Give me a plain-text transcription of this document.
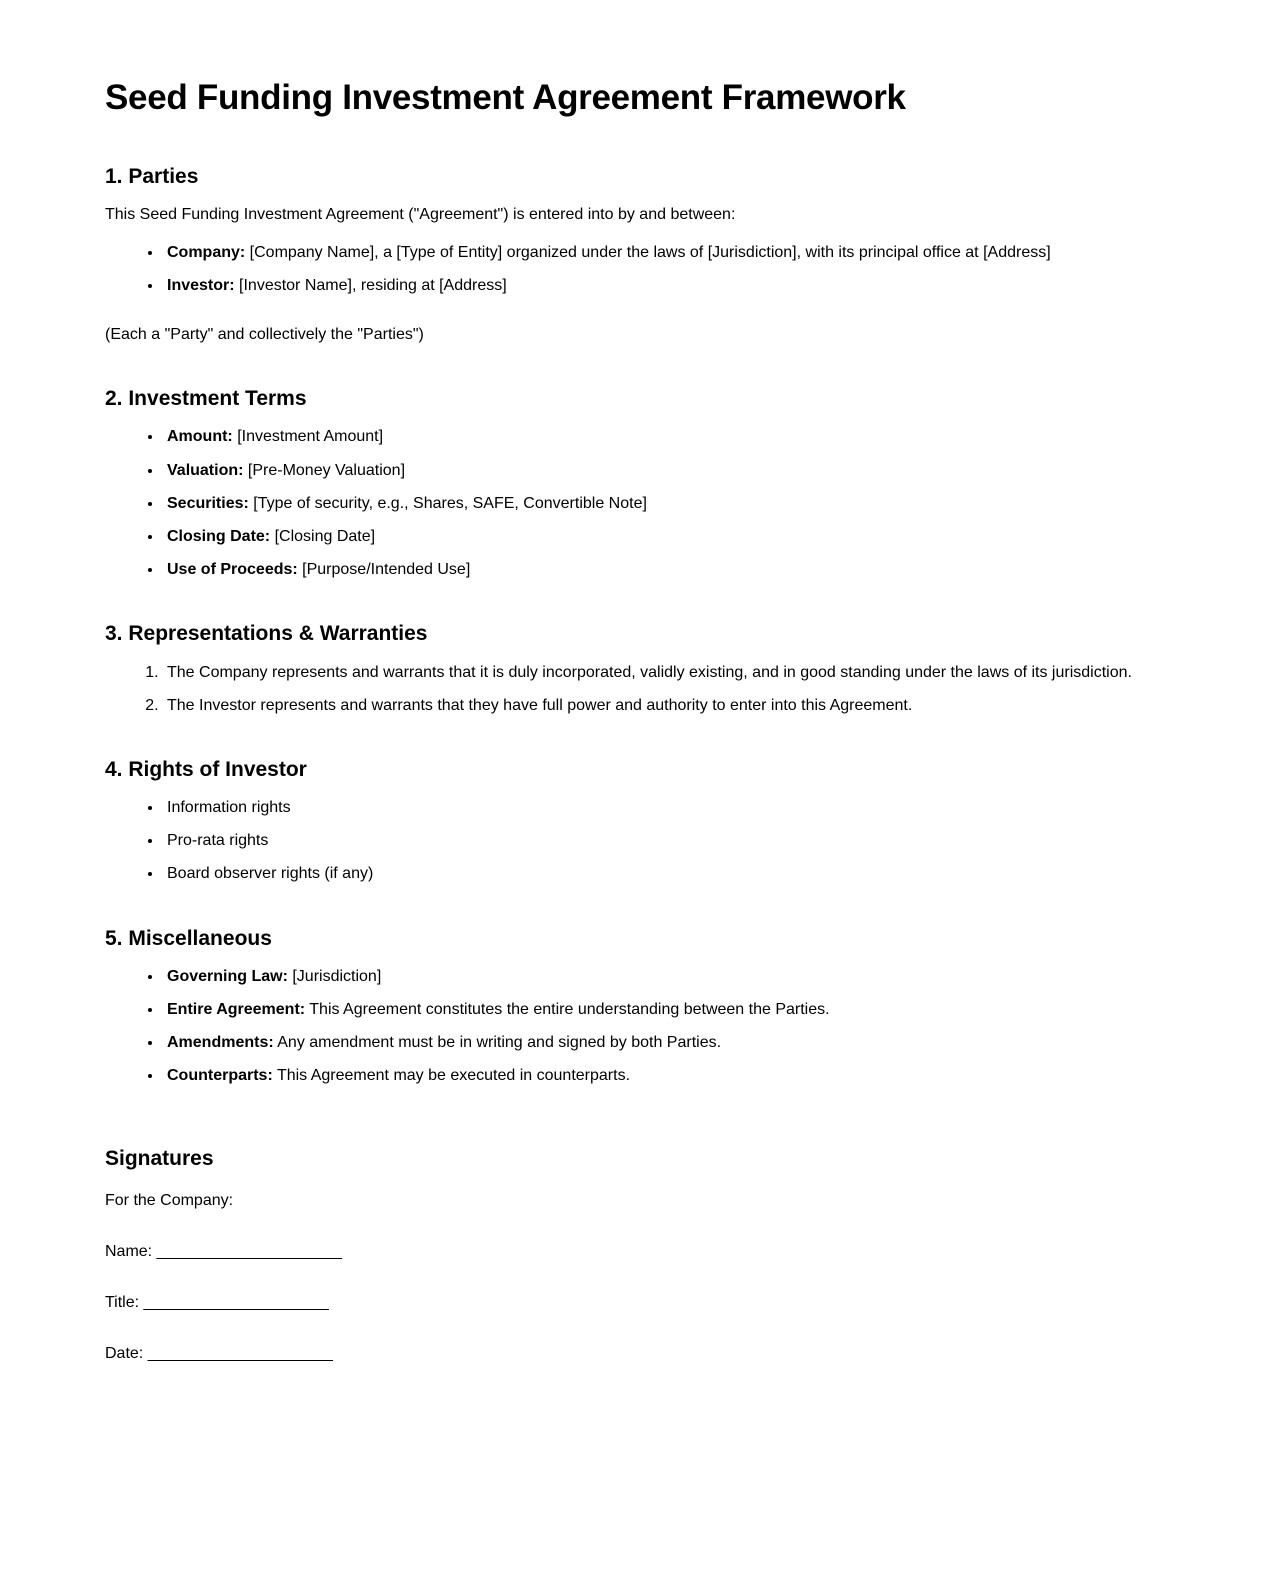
Seed Funding Investment Agreement Framework
1. Parties

This Seed Funding Investment Agreement ("Agreement") is entered into by and between:

• Company: [Company Name], a [Type of Entity] organized under the laws of [Jurisdiction], with its principal office at [Address]
• Investor: [Investor Name], residing at [Address]

(Each a "Party" and collectively the "Parties")

2. Investment Terms
• Amount: [Investment Amount]
• Valuation: [Pre-Money Valuation]
• Securities: [Type of security, e.g., Shares, SAFE, Convertible Note]
• Closing Date: [Closing Date]
• Use of Proceeds: [Purpose/Intended Use]
3. Representations & Warranties
1. The Company represents and warrants that it is duly incorporated, validly existing, and in good standing under the laws of its jurisdiction.
2. The Investor represents and warrants that they have full power and authority to enter into this Agreement.
4. Rights of Investor
• Information rights
• Pro-rata rights
• Board observer rights (if any)
5. Miscellaneous
• Governing Law: [Jurisdiction]
• Entire Agreement: This Agreement constitutes the entire understanding between the Parties.
• Amendments: Any amendment must be in writing and signed by both Parties.
• Counterparts: This Agreement may be executed in counterparts.
Signatures

For the Company:

Name: ______________________

Title: ______________________

Date: ______________________
